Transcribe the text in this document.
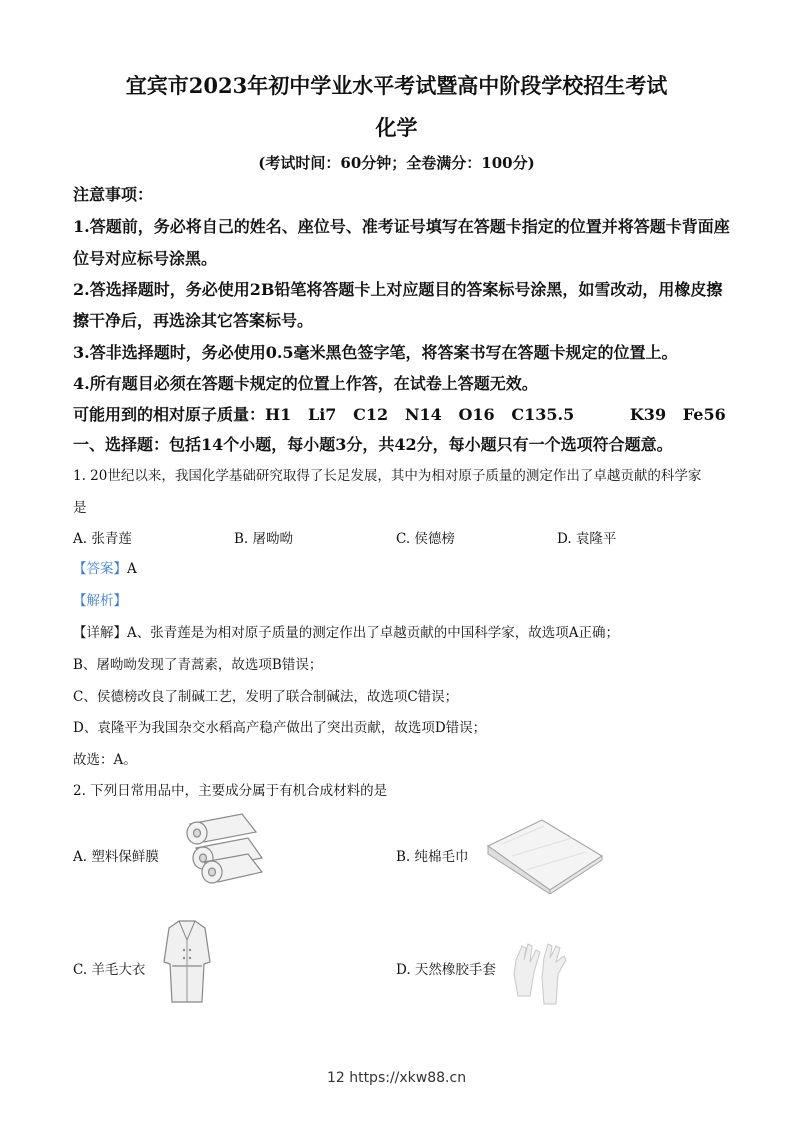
宜宾市2023年初中学业水平考试暨高中阶段学校招生考试
化学
(考试时间：60分钟；全卷满分：100分)
注意事项：
1.答题前，务必将自己的姓名、座位号、准考证号填写在答题卡指定的位置并将答题卡背面座
位号对应标号涂黑。
2.答选择题时，务必使用2B铅笔将答题卡上对应题目的答案标号涂黑，如雪改动，用橡皮擦
擦干净后，再选涂其它答案标号。
3.答非选择题时，务必使用0.5毫米黑色签字笔，将答案书写在答题卡规定的位置上。
4.所有题目必须在答题卡规定的位置上作答，在试卷上答题无效。
可能用到的相对原子质量：H1   Li7   C12   N14   O16   C135.5          K39   Fe56
一、选择题：包括14个小题，每小题3分，共42分，每小题只有一个选项符合题意。
1. 20世纪以来，我国化学基础研究取得了长足发展，其中为相对原子质量的测定作出了卓越贡献的科学家
是
A. 张青莲	B. 屠呦呦	C. 侯德榜	D. 袁隆平
【答案】A
【解析】
【详解】A、张青莲是为相对原子质量的测定作出了卓越贡献的中国科学家，故选项A正确；
B、屠呦呦发现了青蒿素，故选项B错误；
C、侯德榜改良了制碱工艺，发明了联合制碱法，故选项C错误；
D、袁隆平为我国杂交水稻高产稳产做出了突出贡献，故选项D错误；
故选：A。
2. 下列日常用品中，主要成分属于有机合成材料的是
A. 塑料保鲜膜	B. 纯棉毛巾
C. 羊毛大衣	D. 天然橡胶手套
12 https://xkw88.cn
